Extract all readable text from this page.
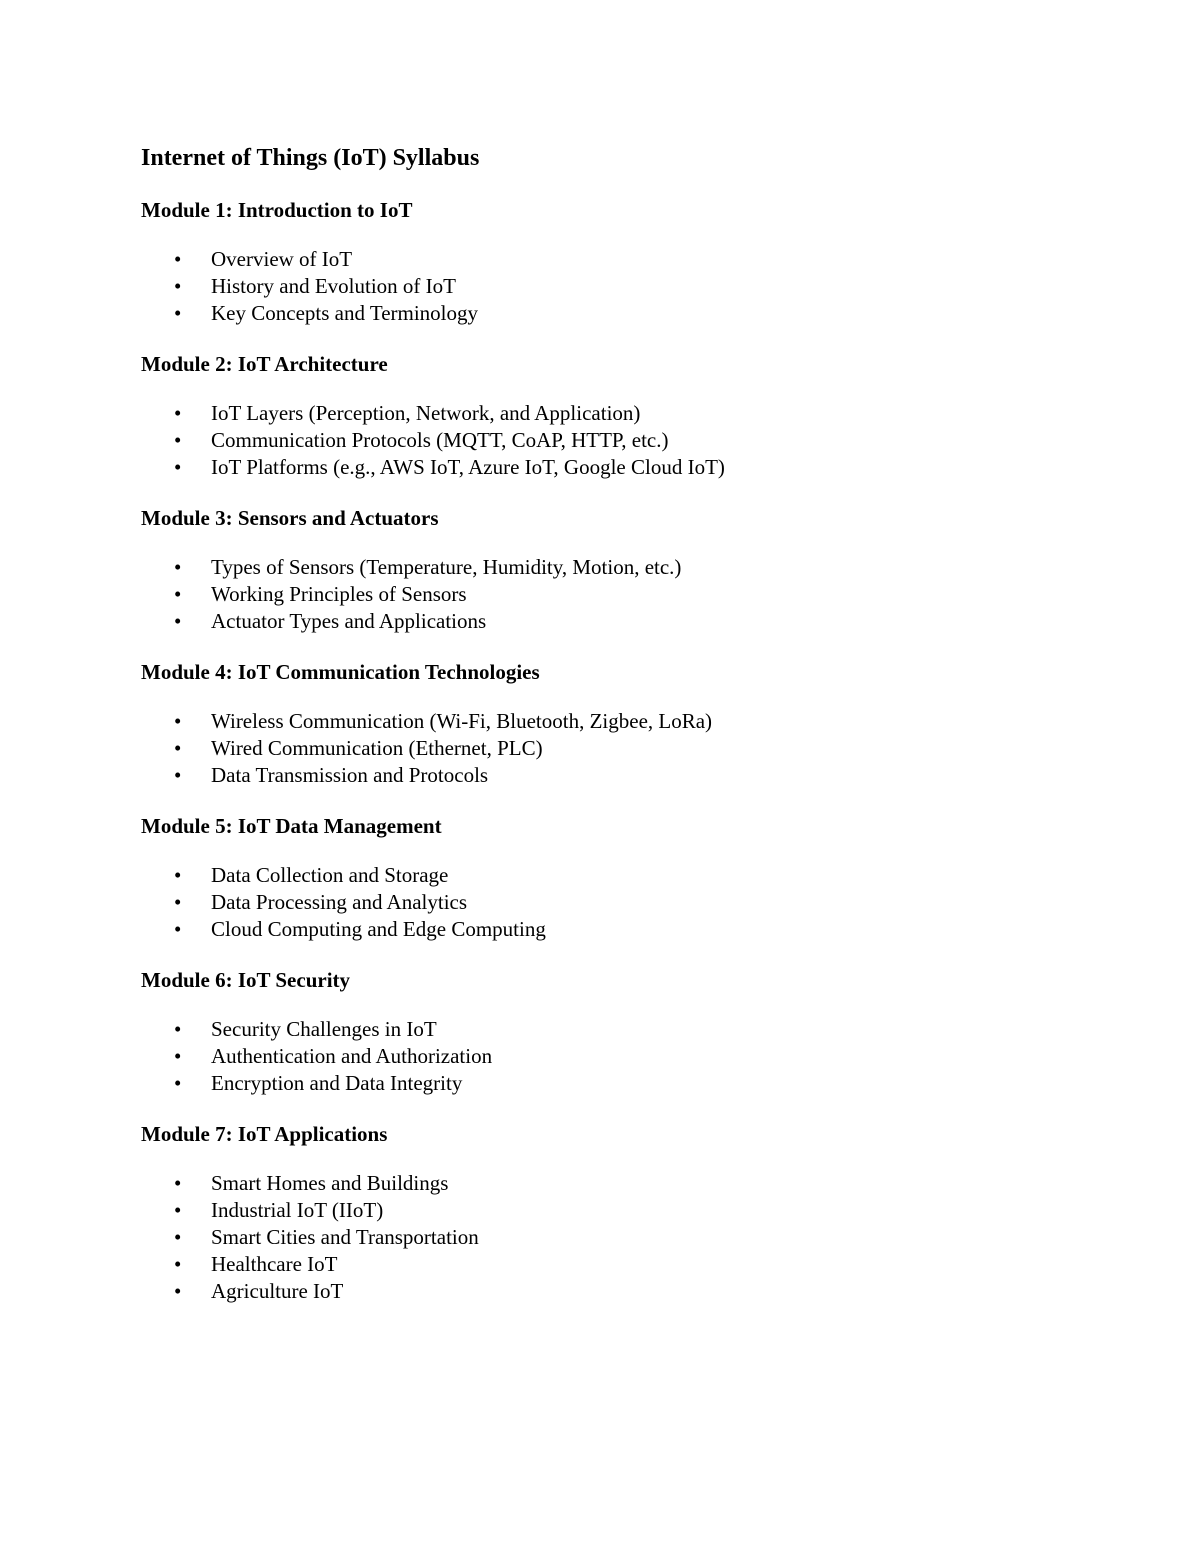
Internet of Things (IoT) Syllabus
Module 1: Introduction to IoT
• Overview of IoT
• History and Evolution of IoT
• Key Concepts and Terminology
Module 2: IoT Architecture
• IoT Layers (Perception, Network, and Application)
• Communication Protocols (MQTT, CoAP, HTTP, etc.)
• IoT Platforms (e.g., AWS IoT, Azure IoT, Google Cloud IoT)
Module 3: Sensors and Actuators
• Types of Sensors (Temperature, Humidity, Motion, etc.)
• Working Principles of Sensors
• Actuator Types and Applications
Module 4: IoT Communication Technologies
• Wireless Communication (Wi-Fi, Bluetooth, Zigbee, LoRa)
• Wired Communication (Ethernet, PLC)
• Data Transmission and Protocols
Module 5: IoT Data Management
• Data Collection and Storage
• Data Processing and Analytics
• Cloud Computing and Edge Computing
Module 6: IoT Security
• Security Challenges in IoT
• Authentication and Authorization
• Encryption and Data Integrity
Module 7: IoT Applications
• Smart Homes and Buildings
• Industrial IoT (IIoT)
• Smart Cities and Transportation
• Healthcare IoT
• Agriculture IoT
